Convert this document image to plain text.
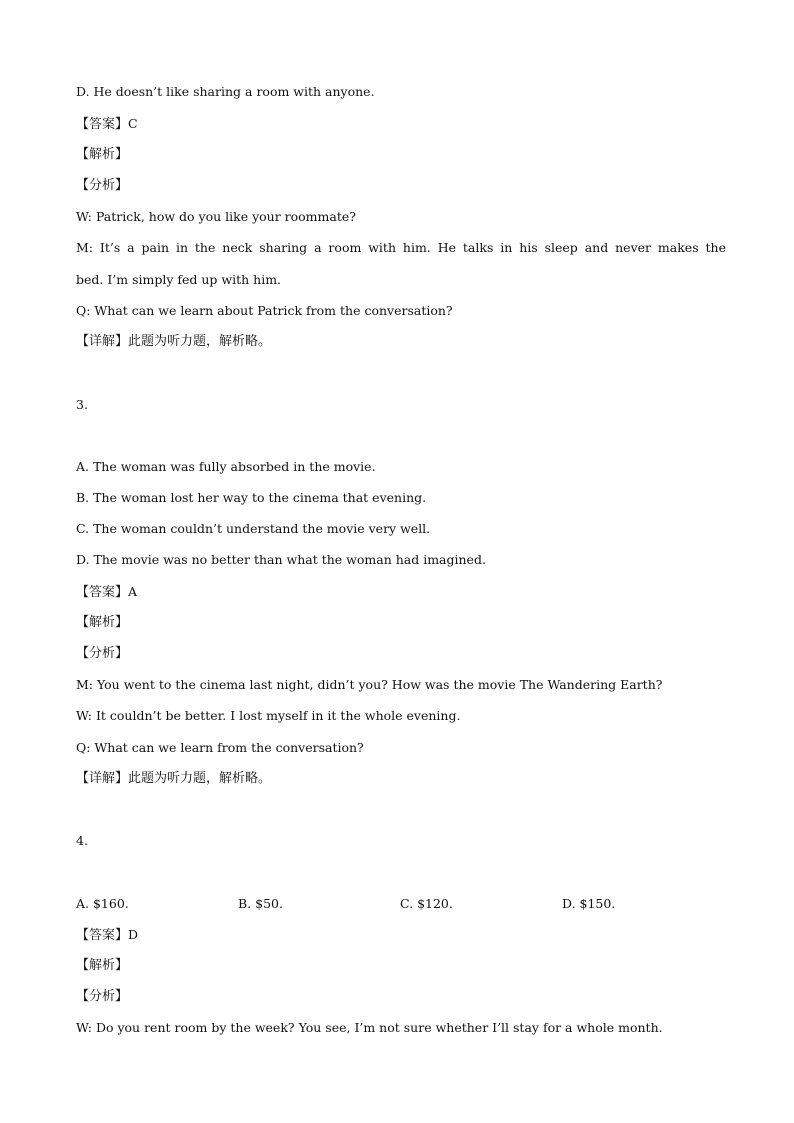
D. He doesn’t like sharing a room with anyone.
【答案】C
【解析】
【分析】
W: Patrick, how do you like your roommate?
M: It’s a pain in the neck sharing a room with him. He talks in his sleep and never makes the
bed. I’m simply fed up with him.
Q: What can we learn about Patrick from the conversation?
【详解】此题为听力题，解析略。
3.
A. The woman was fully absorbed in the movie.
B. The woman lost her way to the cinema that evening.
C. The woman couldn’t understand the movie very well.
D. The movie was no better than what the woman had imagined.
【答案】A
【解析】
【分析】
M: You went to the cinema last night, didn’t you? How was the movie The Wandering Earth?
W: It couldn’t be better. I lost myself in it the whole evening.
Q: What can we learn from the conversation?
【详解】此题为听力题，解析略。
4.
A. $160.	B. $50.	C. $120.	D. $150.
【答案】D
【解析】
【分析】
W: Do you rent room by the week? You see, I’m not sure whether I’ll stay for a whole month.
